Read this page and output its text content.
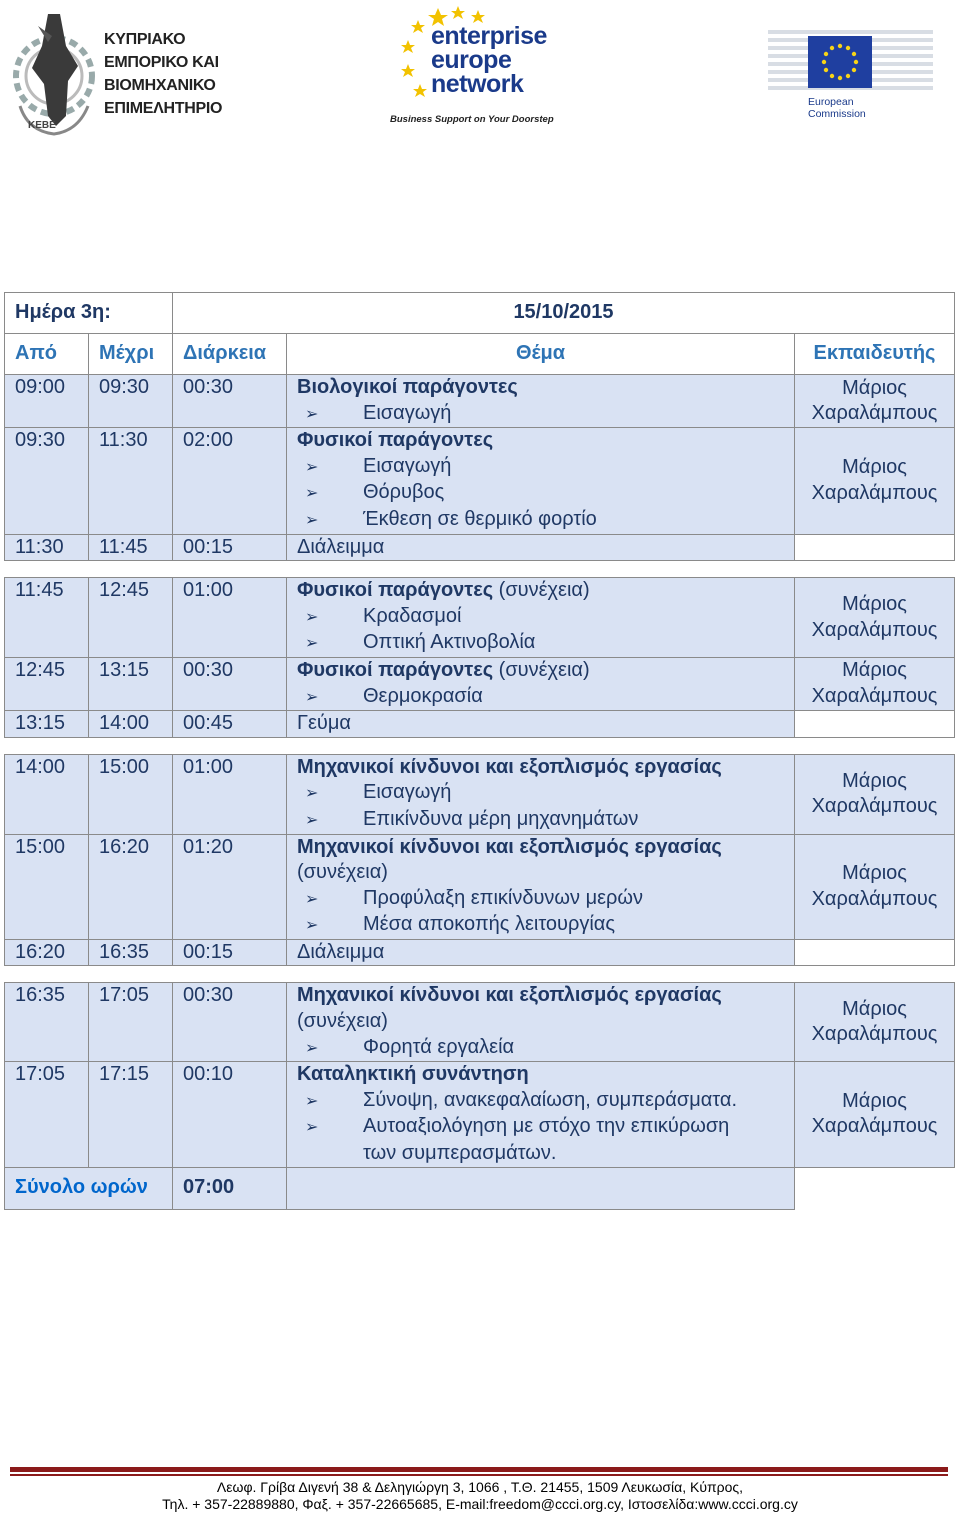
ΚΕΒΕ
ΚΥΠΡΙΑΚΟ
ΕΜΠΟΡΙΚΟ ΚΑΙ
ΒΙΟΜΗΧΑΝΙΚΟ
ΕΠΙΜΕΛΗΤΗΡΙΟ
enterprise
europe
network
Business Support on Your Doorstep
European
Commission
Ημέρα 3η:		15/10/2015		
Από	Μέχρι	Διάρκεια	Θέμα	Εκπαιδευτής
09:00	09:30	00:30	Βιολογικοί παράγοντες
➢ Εισαγωγή	Μάριος
Χαραλάμπους
09:30	11:30	02:00	Φυσικοί παράγοντες
➢ Εισαγωγή
➢ Θόρυβος
➢ Έκθεση σε θερμικό φορτίο	Μάριος
Χαραλάμπους
11:30	11:45	00:15	Διάλειμμα	

11:45	12:45	01:00	Φυσικοί παράγοντες (συνέχεια)
➢ Κραδασμοί
➢ Οπτική Ακτινοβολία	Μάριος
Χαραλάμπους
12:45	13:15	00:30	Φυσικοί παράγοντες (συνέχεια)
➢ Θερμοκρασία	Μάριος
Χαραλάμπους
13:15	14:00	00:45	Γεύμα	

14:00	15:00	01:00	Μηχανικοί κίνδυνοι και εξοπλισμός εργασίας
➢ Εισαγωγή
➢ Επικίνδυνα μέρη μηχανημάτων	Μάριος
Χαραλάμπους
15:00	16:20	01:20	Μηχανικοί κίνδυνοι και εξοπλισμός εργασίας
(συνέχεια)
➢ Προφύλαξη επικίνδυνων μερών
➢ Μέσα αποκοπής λειτουργίας	Μάριος
Χαραλάμπους
16:20	16:35	00:15	Διάλειμμα	

16:35	17:05	00:30	Μηχανικοί κίνδυνοι και εξοπλισμός εργασίας
(συνέχεια)
➢ Φορητά εργαλεία	Μάριος
Χαραλάμπους
17:05	17:15	00:10	Καταληκτική συνάντηση
➢ Σύνοψη, ανακεφαλαίωση, συμπεράσματα.
➢ Αυτοαξιολόγηση με στόχο την επικύρωση
των συμπερασμάτων.	Μάριος
Χαραλάμπους
Σύνολο ωρών		07:00		
Λεωφ. Γρίβα Διγενή 38 & Δεληγιώργη 3, 1066 , Τ.Θ. 21455, 1509 Λευκωσία, Κύπρος,
Τηλ. + 357-22889880, Φαξ. + 357-22665685, E-mail:freedom@ccci.org.cy, Ιστοσελίδα:www.ccci.org.cy
